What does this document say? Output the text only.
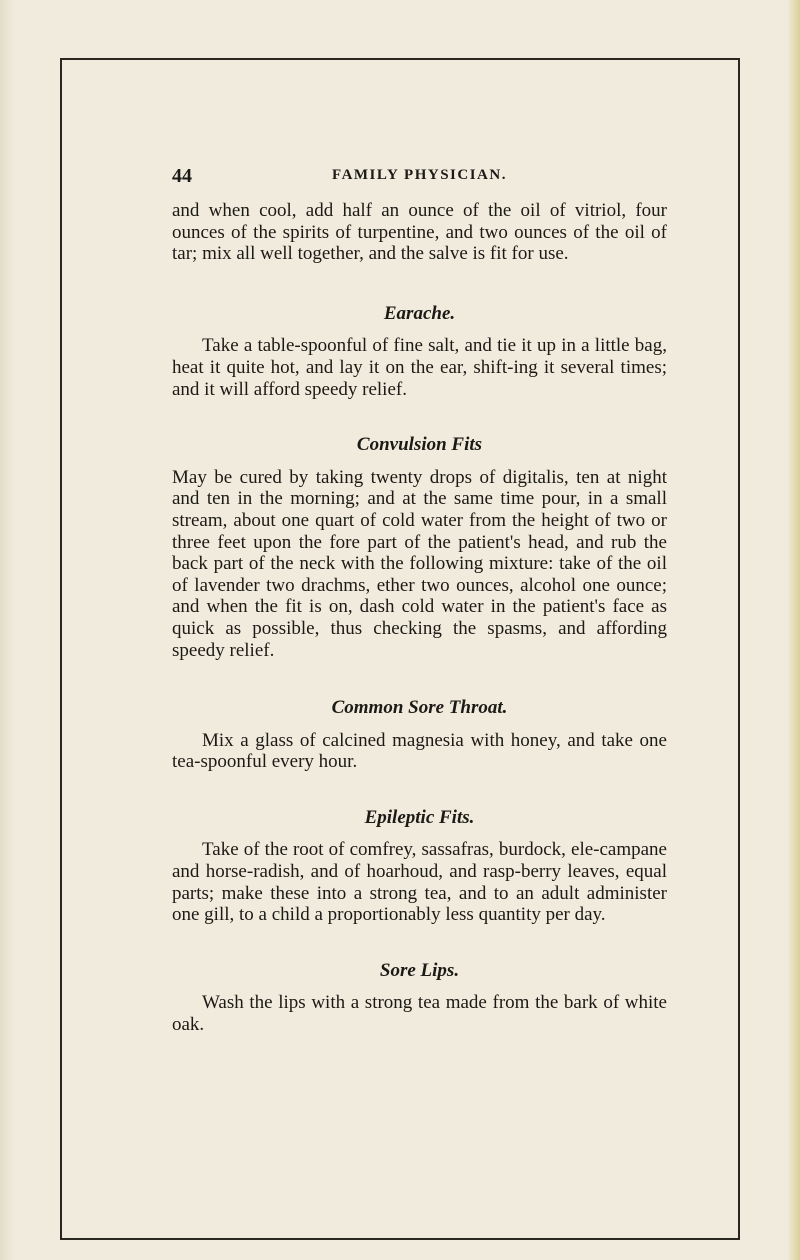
44	FAMILY PHYSICIAN.

and when cool, add half an ounce of the oil of vitriol, four ounces of the spirits of turpentine, and two ounces of the oil of tar; mix all well together, and the salve is fit for use.

Earache.

Take a table-spoonful of fine salt, and tie it up in a little bag, heat it quite hot, and lay it on the ear, shift-ing it several times; and it will afford speedy relief.

Convulsion Fits

May be cured by taking twenty drops of digitalis, ten at night and ten in the morning; and at the same time pour, in a small stream, about one quart of cold water from the height of two or three feet upon the fore part of the patient's head, and rub the back part of the neck with the following mixture: take of the oil of lavender two drachms, ether two ounces, alcohol one ounce; and when the fit is on, dash cold water in the patient's face as quick as possible, thus checking the spasms, and affording speedy relief.

Common Sore Throat.

Mix a glass of calcined magnesia with honey, and take one tea-spoonful every hour.

Epileptic Fits.

Take of the root of comfrey, sassafras, burdock, ele-campane and horse-radish, and of hoarhoud, and rasp-berry leaves, equal parts; make these into a strong tea, and to an adult administer one gill, to a child a proportionably less quantity per day.

Sore Lips.

Wash the lips with a strong tea made from the bark of white oak.
